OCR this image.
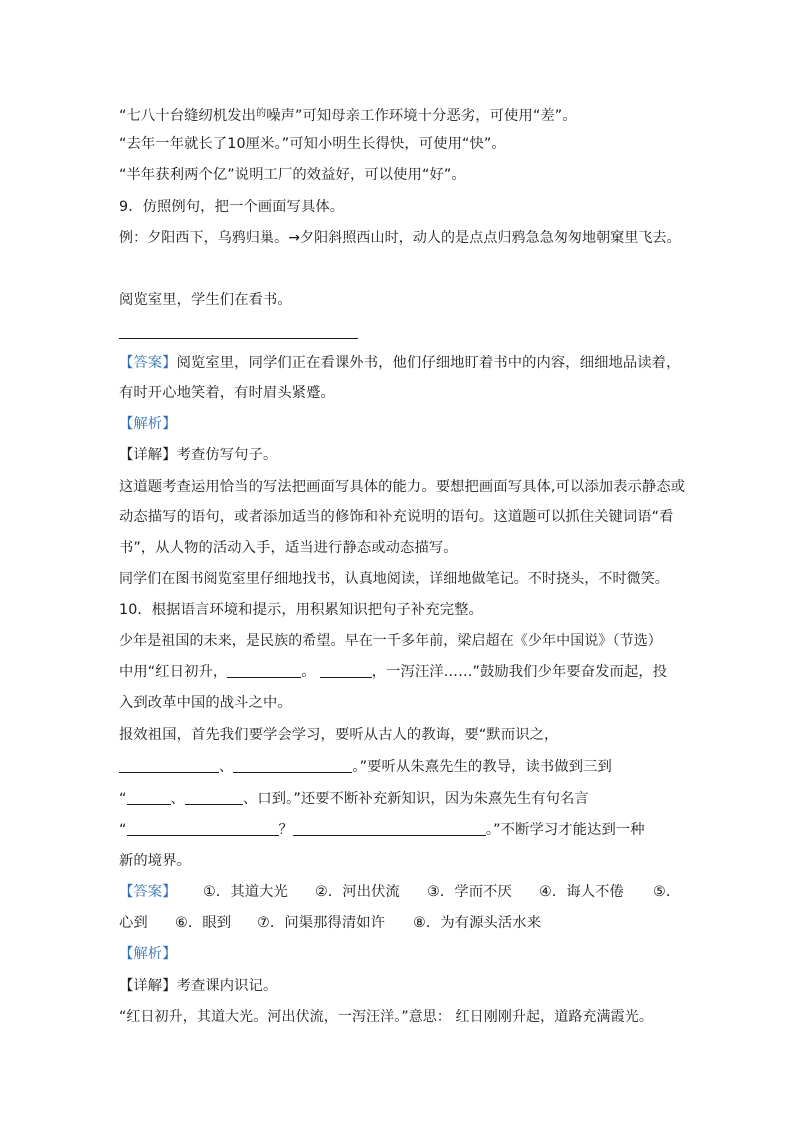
“七八十台缝纫机发出$^的$噪声”可知母亲工作环境十分恶劣，可使用“差”。
“去年一年就长了10厘米。”可知小明生长得快，可使用“快”。
“半年获利两个亿”说明工厂的效益好，可以使用“好”。
9．仿照例句，把一个画面写具体。
例：夕阳西下，乌鸦归巢。→夕阳斜照西山时，动人的是点点归鸦急急匆匆地朝窠里飞去。
阅览室里，学生们在看书。
【答案】阅览室里，同学们正在看课外书，他们仔细地盯着书中的内容，细细地品读着，
有时开心地笑着，有时眉头紧蹙。
【解析】
【详解】考查仿写句子。
这道题考查运用恰当的写法把画面写具体的能力。要想把画面写具体,可以添加表示静态或
动态描写的语句，或者添加适当的修饰和补充说明的语句。这道题可以抓住关键词语“看
书”，从人物的活动入手，适当进行静态或动态描写。
同学们在图书阅览室里仔细地找书，认真地阅读，详细地做笔记。不时挠头，不时微笑。
10．根据语言环境和提示，用积累知识把句子补充完整。
少年是祖国的未来，是民族的希望。早在一千多年前，梁启超在《少年中国说》（节选）
中用“红日初升，	。	，一泻汪洋……”鼓励我们少年要奋发而起，投
入到改革中国的战斗之中。
报效祖国，首先我们要学会学习，要听从古人的教诲，要“默而识之，
、	。”要听从朱熹先生的教导，读书做到三到
“	、	、口到。”还要不断补充新知识，因为朱熹先生有句名言
“	？	。”不断学习才能达到一种
新的境界。
【答案】 ①．其道大光 ②．河出伏流 ③．学而不厌 ④．诲人不倦 ⑤．
心到 ⑥．眼到 ⑦．问渠那得清如许 ⑧．为有源头活水来
【解析】
【详解】考查课内识记。
“红日初升，其道大光。河出伏流，一泻汪洋。”意思： 红日刚刚升起，道路充满霞光。
